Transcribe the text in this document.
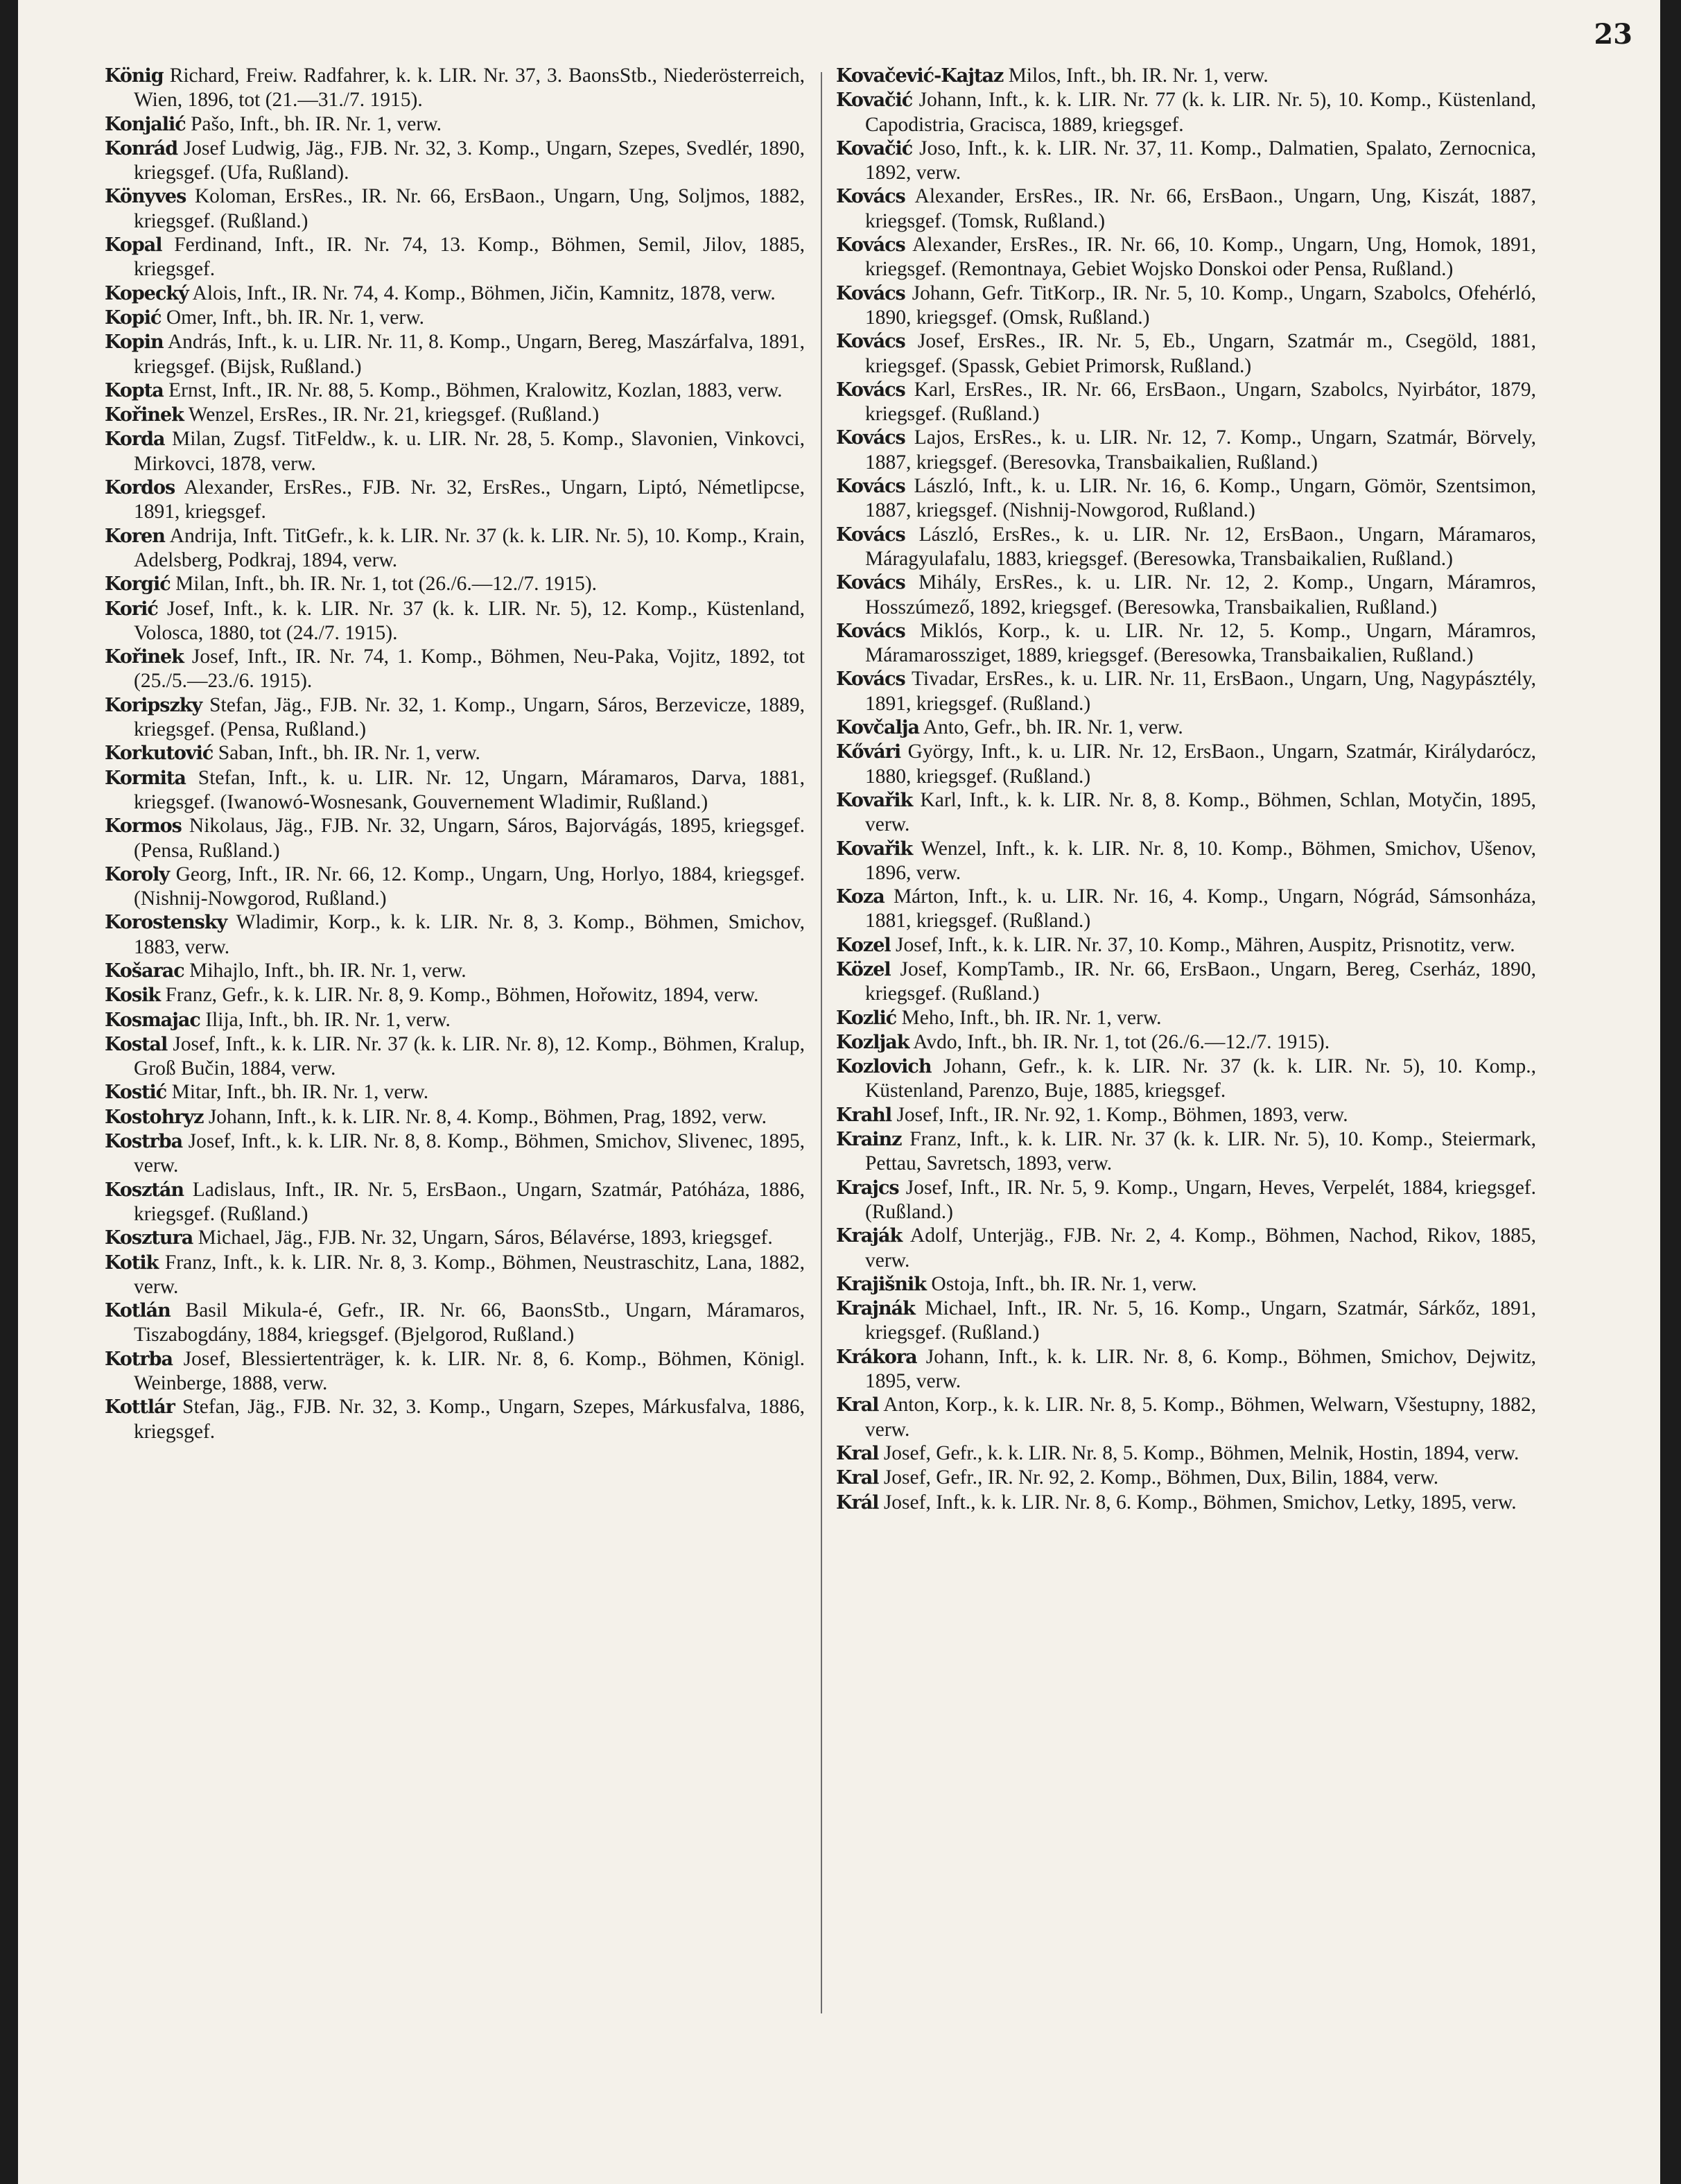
23
König Richard, Freiw. Radfahrer, k. k. LIR. Nr. 37, 3. BaonsStb., Niederösterreich, Wien, 1896, tot (21.—31./7. 1915).
Konjalić Pašo, Inft., bh. IR. Nr. 1, verw.
Konrád Josef Ludwig, Jäg., FJB. Nr. 32, 3. Komp., Ungarn, Szepes, Svedlér, 1890, kriegsgef. (Ufa, Rußland).
Könyves Koloman, ErsRes., IR. Nr. 66, ErsBaon., Ungarn, Ung, Soljmos, 1882, kriegsgef. (Rußland.)
Kopal Ferdinand, Inft., IR. Nr. 74, 13. Komp., Böhmen, Semil, Jilov, 1885, kriegsgef.
Kopecký Alois, Inft., IR. Nr. 74, 4. Komp., Böhmen, Jičin, Kamnitz, 1878, verw.
Kopić Omer, Inft., bh. IR. Nr. 1, verw.
Kopin András, Inft., k. u. LIR. Nr. 11, 8. Komp., Ungarn, Bereg, Maszárfalva, 1891, kriegsgef. (Bijsk, Rußland.)
Kopta Ernst, Inft., IR. Nr. 88, 5. Komp., Böhmen, Kralowitz, Kozlan, 1883, verw.
Kořinek Wenzel, ErsRes., IR. Nr. 21, kriegsgef. (Rußland.)
Korda Milan, Zugsf. TitFeldw., k. u. LIR. Nr. 28, 5. Komp., Slavonien, Vinkovci, Mirkovci, 1878, verw.
Kordos Alexander, ErsRes., FJB. Nr. 32, ErsRes., Ungarn, Liptó, Németlipcse, 1891, kriegsgef.
Koren Andrija, Inft. TitGefr., k. k. LIR. Nr. 37 (k. k. LIR. Nr. 5), 10. Komp., Krain, Adelsberg, Podkraj, 1894, verw.
Korgić Milan, Inft., bh. IR. Nr. 1, tot (26./6.—12./7. 1915).
Korić Josef, Inft., k. k. LIR. Nr. 37 (k. k. LIR. Nr. 5), 12. Komp., Küstenland, Volosca, 1880, tot (24./7. 1915).
Kořinek Josef, Inft., IR. Nr. 74, 1. Komp., Böhmen, Neu-Paka, Vojitz, 1892, tot (25./5.—23./6. 1915).
Koripszky Stefan, Jäg., FJB. Nr. 32, 1. Komp., Ungarn, Sáros, Berzevicze, 1889, kriegsgef. (Pensa, Rußland.)
Korkutović Saban, Inft., bh. IR. Nr. 1, verw.
Kormita Stefan, Inft., k. u. LIR. Nr. 12, Ungarn, Máramaros, Darva, 1881, kriegsgef. (Iwanowó-Wosnesank, Gouvernement Wladimir, Rußland.)
Kormos Nikolaus, Jäg., FJB. Nr. 32, Ungarn, Sáros, Bajorvágás, 1895, kriegsgef. (Pensa, Rußland.)
Koroly Georg, Inft., IR. Nr. 66, 12. Komp., Ungarn, Ung, Horlyo, 1884, kriegsgef. (Nishnij-Nowgorod, Rußland.)
Korostensky Wladimir, Korp., k. k. LIR. Nr. 8, 3. Komp., Böhmen, Smichov, 1883, verw.
Košarac Mihajlo, Inft., bh. IR. Nr. 1, verw.
Kosik Franz, Gefr., k. k. LIR. Nr. 8, 9. Komp., Böhmen, Hořowitz, 1894, verw.
Kosmajac Ilija, Inft., bh. IR. Nr. 1, verw.
Kostal Josef, Inft., k. k. LIR. Nr. 37 (k. k. LIR. Nr. 8), 12. Komp., Böhmen, Kralup, Groß Bučin, 1884, verw.
Kostić Mitar, Inft., bh. IR. Nr. 1, verw.
Kostohryz Johann, Inft., k. k. LIR. Nr. 8, 4. Komp., Böhmen, Prag, 1892, verw.
Kostrba Josef, Inft., k. k. LIR. Nr. 8, 8. Komp., Böhmen, Smichov, Slivenec, 1895, verw.
Kosztán Ladislaus, Inft., IR. Nr. 5, ErsBaon., Ungarn, Szatmár, Patóháza, 1886, kriegsgef. (Rußland.)
Kosztura Michael, Jäg., FJB. Nr. 32, Ungarn, Sáros, Bélavérse, 1893, kriegsgef.
Kotik Franz, Inft., k. k. LIR. Nr. 8, 3. Komp., Böhmen, Neustraschitz, Lana, 1882, verw.
Kotlán Basil Mikula-é, Gefr., IR. Nr. 66, BaonsStb., Ungarn, Máramaros, Tiszabogdány, 1884, kriegsgef. (Bjelgorod, Rußland.)
Kotrba Josef, Blessiertenträger, k. k. LIR. Nr. 8, 6. Komp., Böhmen, Königl. Weinberge, 1888, verw.
Kottlár Stefan, Jäg., FJB. Nr. 32, 3. Komp., Ungarn, Szepes, Márkusfalva, 1886, kriegsgef.
Kovačević-Kajtaz Milos, Inft., bh. IR. Nr. 1, verw.
Kovačić Johann, Inft., k. k. LIR. Nr. 77 (k. k. LIR. Nr. 5), 10. Komp., Küstenland, Capodistria, Gracisca, 1889, kriegsgef.
Kovačić Joso, Inft., k. k. LIR. Nr. 37, 11. Komp., Dalmatien, Spalato, Zernocnica, 1892, verw.
Kovács Alexander, ErsRes., IR. Nr. 66, ErsBaon., Ungarn, Ung, Kiszát, 1887, kriegsgef. (Tomsk, Rußland.)
Kovács Alexander, ErsRes., IR. Nr. 66, 10. Komp., Ungarn, Ung, Homok, 1891, kriegsgef. (Remontnaya, Gebiet Wojsko Donskoi oder Pensa, Rußland.)
Kovács Johann, Gefr. TitKorp., IR. Nr. 5, 10. Komp., Ungarn, Szabolcs, Ofehérló, 1890, kriegsgef. (Omsk, Rußland.)
Kovács Josef, ErsRes., IR. Nr. 5, Eb., Ungarn, Szatmár m., Csegöld, 1881, kriegsgef. (Spassk, Gebiet Primorsk, Rußland.)
Kovács Karl, ErsRes., IR. Nr. 66, ErsBaon., Ungarn, Szabolcs, Nyirbátor, 1879, kriegsgef. (Rußland.)
Kovács Lajos, ErsRes., k. u. LIR. Nr. 12, 7. Komp., Ungarn, Szatmár, Börvely, 1887, kriegsgef. (Beresovka, Transbaikalien, Rußland.)
Kovács László, Inft., k. u. LIR. Nr. 16, 6. Komp., Ungarn, Gömör, Szentsimon, 1887, kriegsgef. (Nishnij-Nowgorod, Rußland.)
Kovács László, ErsRes., k. u. LIR. Nr. 12, ErsBaon., Ungarn, Máramaros, Máragyulafalu, 1883, kriegsgef. (Beresowka, Transbaikalien, Rußland.)
Kovács Mihály, ErsRes., k. u. LIR. Nr. 12, 2. Komp., Ungarn, Máramros, Hosszúmező, 1892, kriegsgef. (Beresowka, Transbaikalien, Rußland.)
Kovács Miklós, Korp., k. u. LIR. Nr. 12, 5. Komp., Ungarn, Máramros, Máramarossziget, 1889, kriegsgef. (Beresowka, Transbaikalien, Rußland.)
Kovács Tivadar, ErsRes., k. u. LIR. Nr. 11, ErsBaon., Ungarn, Ung, Nagypásztély, 1891, kriegsgef. (Rußland.)
Kovčalja Anto, Gefr., bh. IR. Nr. 1, verw.
Kővári György, Inft., k. u. LIR. Nr. 12, ErsBaon., Ungarn, Szatmár, Királydarócz, 1880, kriegsgef. (Rußland.)
Kovařik Karl, Inft., k. k. LIR. Nr. 8, 8. Komp., Böhmen, Schlan, Motyčin, 1895, verw.
Kovařik Wenzel, Inft., k. k. LIR. Nr. 8, 10. Komp., Böhmen, Smichov, Ušenov, 1896, verw.
Koza Márton, Inft., k. u. LIR. Nr. 16, 4. Komp., Ungarn, Nógrád, Sámsonháza, 1881, kriegsgef. (Rußland.)
Kozel Josef, Inft., k. k. LIR. Nr. 37, 10. Komp., Mähren, Auspitz, Prisnotitz, verw.
Közel Josef, KompTamb., IR. Nr. 66, ErsBaon., Ungarn, Bereg, Cserház, 1890, kriegsgef. (Rußland.)
Kozlić Meho, Inft., bh. IR. Nr. 1, verw.
Kozljak Avdo, Inft., bh. IR. Nr. 1, tot (26./6.—12./7. 1915).
Kozlovich Johann, Gefr., k. k. LIR. Nr. 37 (k. k. LIR. Nr. 5), 10. Komp., Küstenland, Parenzo, Buje, 1885, kriegsgef.
Krahl Josef, Inft., IR. Nr. 92, 1. Komp., Böhmen, 1893, verw.
Krainz Franz, Inft., k. k. LIR. Nr. 37 (k. k. LIR. Nr. 5), 10. Komp., Steiermark, Pettau, Savretsch, 1893, verw.
Krajcs Josef, Inft., IR. Nr. 5, 9. Komp., Ungarn, Heves, Verpelét, 1884, kriegsgef. (Rußland.)
Kraják Adolf, Unterjäg., FJB. Nr. 2, 4. Komp., Böhmen, Nachod, Rikov, 1885, verw.
Krajišnik Ostoja, Inft., bh. IR. Nr. 1, verw.
Krajnák Michael, Inft., IR. Nr. 5, 16. Komp., Ungarn, Szatmár, Sárkőz, 1891, kriegsgef. (Rußland.)
Krákora Johann, Inft., k. k. LIR. Nr. 8, 6. Komp., Böhmen, Smichov, Dejwitz, 1895, verw.
Kral Anton, Korp., k. k. LIR. Nr. 8, 5. Komp., Böhmen, Welwarn, Všestupny, 1882, verw.
Kral Josef, Gefr., k. k. LIR. Nr. 8, 5. Komp., Böhmen, Melnik, Hostin, 1894, verw.
Kral Josef, Gefr., IR. Nr. 92, 2. Komp., Böhmen, Dux, Bilin, 1884, verw.
Král Josef, Inft., k. k. LIR. Nr. 8, 6. Komp., Böhmen, Smichov, Letky, 1895, verw.
